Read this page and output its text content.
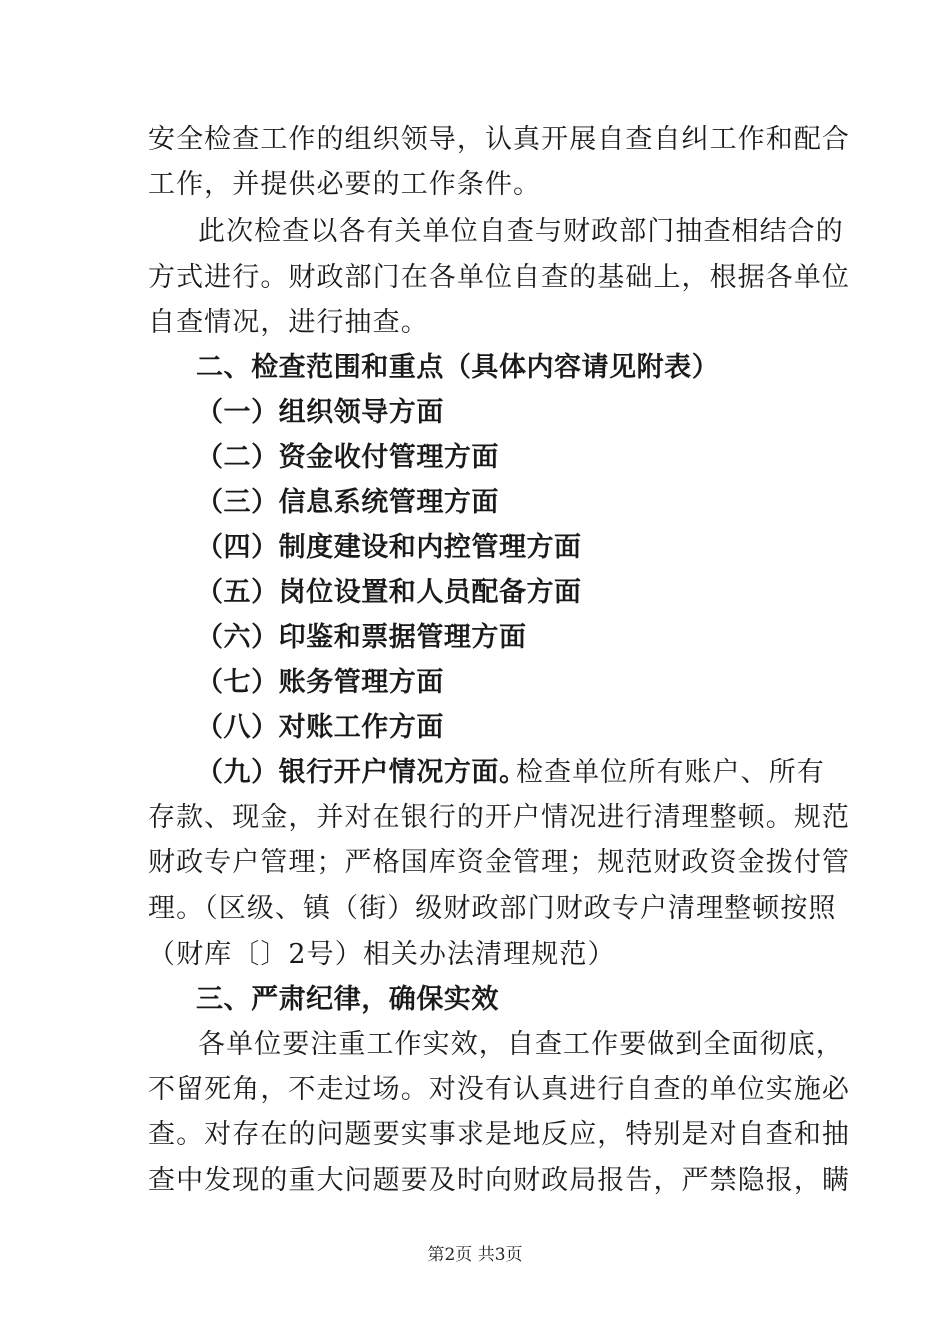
安全检查工作的组织领导，认真开展自查自纠工作和配合
工作，并提供必要的工作条件。
此次检查以各有关单位自查与财政部门抽查相结合的
方式进行。财政部门在各单位自查的基础上，根据各单位
自查情况，进行抽查。
二、检查范围和重点（具体内容请见附表）
（一）组织领导方面
（二）资金收付管理方面
（三）信息系统管理方面
（四）制度建设和内控管理方面
（五）岗位设置和人员配备方面
（六）印鉴和票据管理方面
（七）账务管理方面
（八）对账工作方面
（九）银行开户情况方面。
检查单位所有账户、所有
存款、现金，并对在银行的开户情况进行清理整顿。规范
财政专户管理；严格国库资金管理；规范财政资金拨付管
理。（区级、镇（街）级财政部门财政专户清理整顿按照
（财库〔〕2号）相关办法清理规范）
三、严肃纪律，确保实效
各单位要注重工作实效，自查工作要做到全面彻底，
不留死角，不走过场。对没有认真进行自查的单位实施必
查。对存在的问题要实事求是地反应，特别是对自查和抽
查中发现的重大问题要及时向财政局报告，严禁隐报，瞒
第2页 共3页
